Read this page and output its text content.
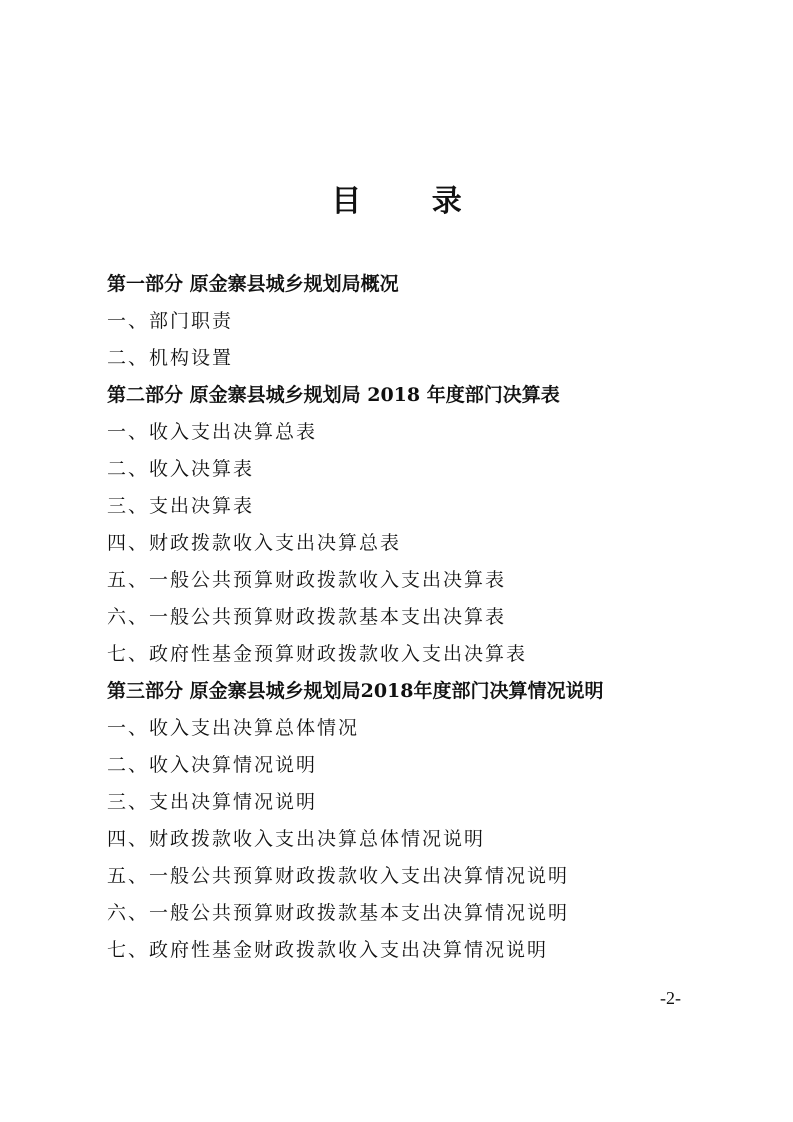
目 录
第一部分 原金寨县城乡规划局概况
一、部门职责
二、机构设置
第二部分 原金寨县城乡规划局 2018 年度部门决算表
一、收入支出决算总表
二、收入决算表
三、支出决算表
四、财政拨款收入支出决算总表
五、一般公共预算财政拨款收入支出决算表
六、一般公共预算财政拨款基本支出决算表
七、政府性基金预算财政拨款收入支出决算表
第三部分 原金寨县城乡规划局2018年度部门决算情况说明
一、收入支出决算总体情况
二、收入决算情况说明
三、支出决算情况说明
四、财政拨款收入支出决算总体情况说明
五、一般公共预算财政拨款收入支出决算情况说明
六、一般公共预算财政拨款基本支出决算情况说明
七、政府性基金财政拨款收入支出决算情况说明
-2-
